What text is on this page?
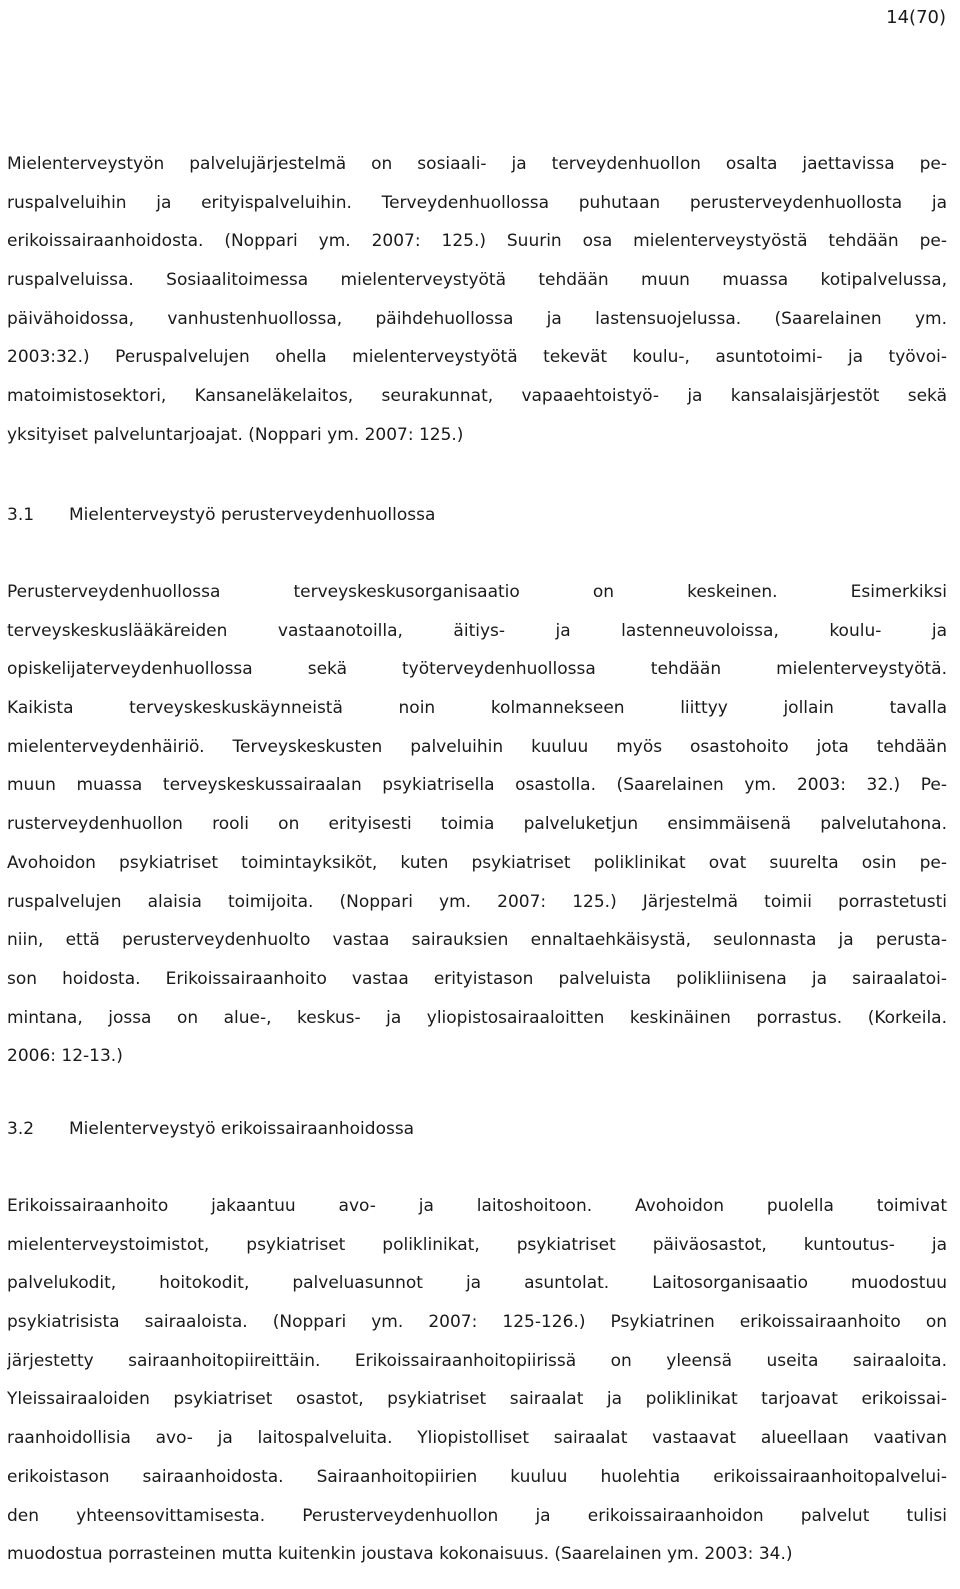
14(70)
Mielenterveystyön palvelujärjestelmä on sosiaali- ja terveydenhuollon osalta jaettavissa pe-
ruspalveluihin ja erityispalveluihin. Terveydenhuollossa puhutaan perusterveydenhuollosta ja
erikoissairaanhoidosta. (Noppari ym. 2007: 125.) Suurin osa mielenterveystyöstä tehdään pe-
ruspalveluissa. Sosiaalitoimessa mielenterveystyötä tehdään muun muassa kotipalvelussa,
päivähoidossa, vanhustenhuollossa, päihdehuollossa ja lastensuojelussa. (Saarelainen ym.
2003:32.) Peruspalvelujen ohella mielenterveystyötä tekevät koulu-, asuntotoimi- ja työvoi-
matoimistosektori, Kansaneläkelaitos, seurakunnat, vapaaehtoistyö- ja kansalaisjärjestöt sekä
yksityiset palveluntarjoajat. (Noppari ym. 2007: 125.)
3.1 Mielenterveystyö perusterveydenhuollossa
Perusterveydenhuollossa terveyskeskusorganisaatio on keskeinen. Esimerkiksi
terveyskeskuslääkäreiden vastaanotoilla, äitiys- ja lastenneuvoloissa, koulu- ja
opiskelijaterveydenhuollossa sekä työterveydenhuollossa tehdään mielenterveystyötä.
Kaikista terveyskeskuskäynneistä noin kolmannekseen liittyy jollain tavalla
mielenterveydenhäiriö. Terveyskeskusten palveluihin kuuluu myös osastohoito jota tehdään
muun muassa terveyskeskussairaalan psykiatrisella osastolla. (Saarelainen ym. 2003: 32.) Pe-
rusterveydenhuollon rooli on erityisesti toimia palveluketjun ensimmäisenä palvelutahona.
Avohoidon psykiatriset toimintayksiköt, kuten psykiatriset poliklinikat ovat suurelta osin pe-
ruspalvelujen alaisia toimijoita. (Noppari ym. 2007: 125.) Järjestelmä toimii porrastetusti
niin, että perusterveydenhuolto vastaa sairauksien ennaltaehkäisystä, seulonnasta ja perusta-
son hoidosta. Erikoissairaanhoito vastaa erityistason palveluista polikliinisena ja sairaalatoi-
mintana, jossa on alue-, keskus- ja yliopistosairaaloitten keskinäinen porrastus. (Korkeila.
2006: 12-13.)
3.2 Mielenterveystyö erikoissairaanhoidossa
Erikoissairaanhoito jakaantuu avo- ja laitoshoitoon. Avohoidon puolella toimivat
mielenterveystoimistot, psykiatriset poliklinikat, psykiatriset päiväosastot, kuntoutus- ja
palvelukodit, hoitokodit, palveluasunnot ja asuntolat. Laitosorganisaatio muodostuu
psykiatrisista sairaaloista. (Noppari ym. 2007: 125-126.) Psykiatrinen erikoissairaanhoito on
järjestetty sairaanhoitopiireittäin. Erikoissairaanhoitopiirissä on yleensä useita sairaaloita.
Yleissairaaloiden psykiatriset osastot, psykiatriset sairaalat ja poliklinikat tarjoavat erikoissai-
raanhoidollisia avo- ja laitospalveluita. Yliopistolliset sairaalat vastaavat alueellaan vaativan
erikoistason sairaanhoidosta. Sairaanhoitopiirien kuuluu huolehtia erikoissairaanhoitopalvelui-
den yhteensovittamisesta. Perusterveydenhuollon ja erikoissairaanhoidon palvelut tulisi
muodostua porrasteinen mutta kuitenkin joustava kokonaisuus. (Saarelainen ym. 2003: 34.)
